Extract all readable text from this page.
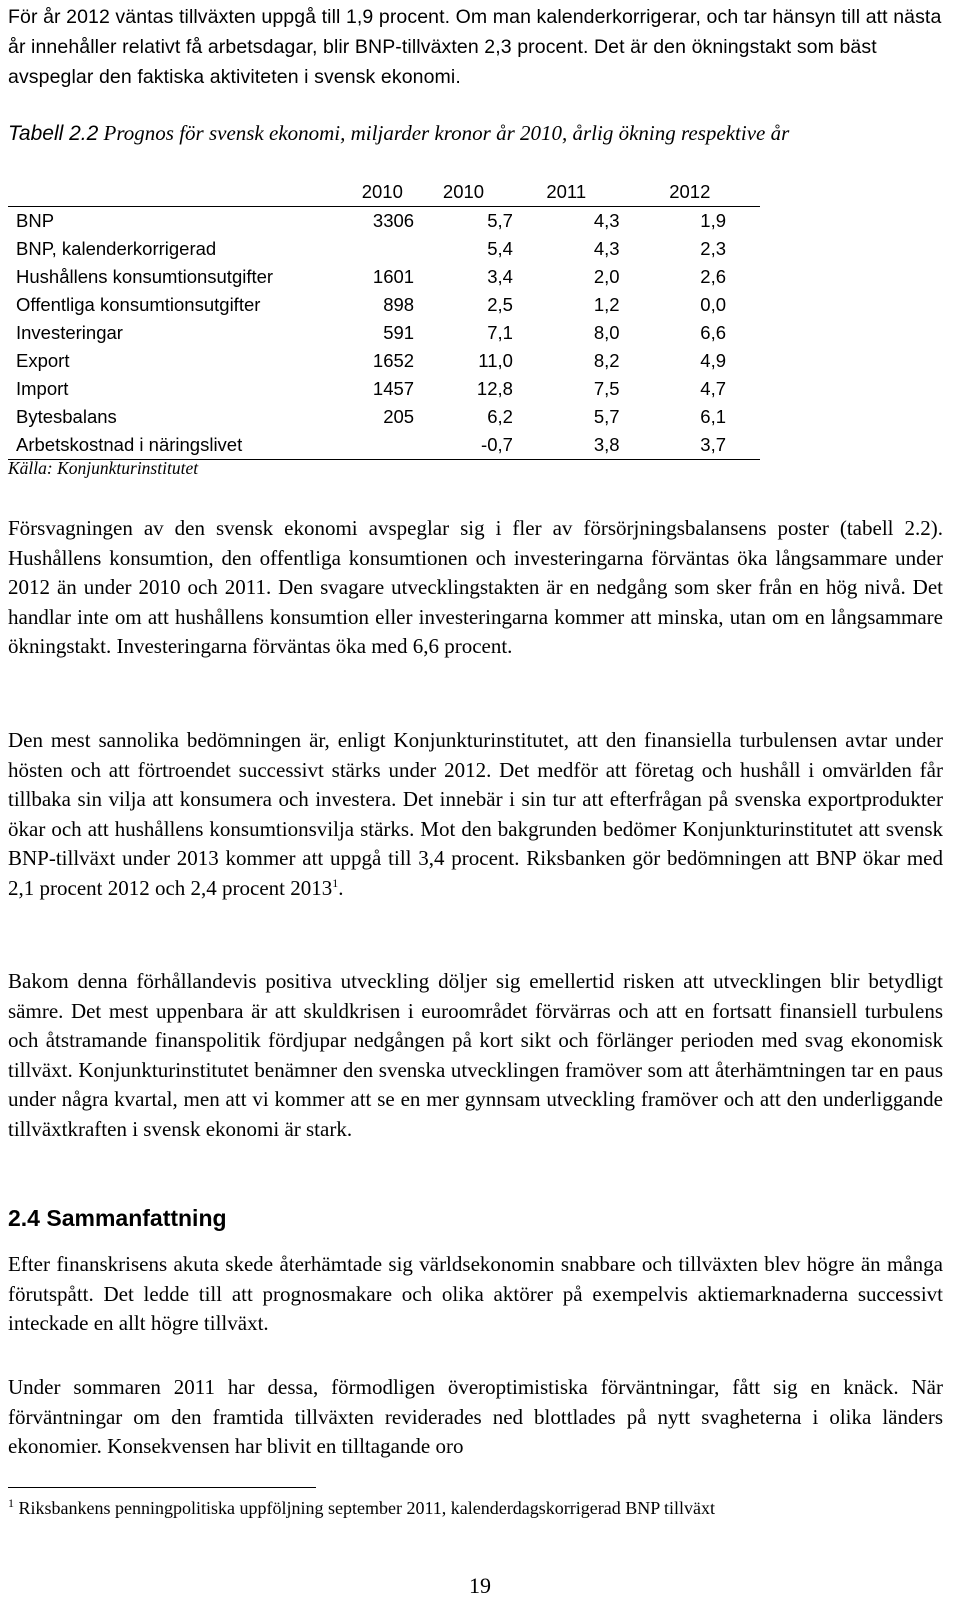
För år 2012 väntas tillväxten uppgå till 1,9 procent. Om man kalenderkorrigerar, och tar hänsyn till att nästa år innehåller relativt få arbetsdagar, blir BNP-tillväxten 2,3 procent. Det är den ökningstakt som bäst avspeglar den faktiska aktiviteten i svensk ekonomi.
Tabell 2.2 Prognos för svensk ekonomi, miljarder kronor år 2010, årlig ökning respektive år
	2010	2010	2011	2012
BNP	3306	5,7	4,3	1,9
BNP, kalenderkorrigerad		5,4	4,3	2,3
Hushållens konsumtionsutgifter	1601	3,4	2,0	2,6
Offentliga konsumtionsutgifter	898	2,5	1,2	0,0
Investeringar	591	7,1	8,0	6,6
Export	1652	11,0	8,2	4,9
Import	1457	12,8	7,5	4,7
Bytesbalans	205	6,2	5,7	6,1
Arbetskostnad i näringslivet		-0,7	3,8	3,7
Källa: Konjunkturinstitutet
Försvagningen av den svensk ekonomi avspeglar sig i fler av försörjningsbalansens poster (tabell 2.2). Hushållens konsumtion, den offentliga konsumtionen och investeringarna förväntas öka långsammare under 2012 än under 2010 och 2011. Den svagare utvecklingstakten är en nedgång som sker från en hög nivå. Det handlar inte om att hushållens konsumtion eller investeringarna kommer att minska, utan om en långsammare ökningstakt. Investeringarna förväntas öka med 6,6 procent.
Den mest sannolika bedömningen är, enligt Konjunkturinstitutet, att den finansiella turbulensen avtar under hösten och att förtroendet successivt stärks under 2012. Det medför att företag och hushåll i omvärlden får tillbaka sin vilja att konsumera och investera. Det innebär i sin tur att efterfrågan på svenska exportprodukter ökar och att hushållens konsumtionsvilja stärks. Mot den bakgrunden bedömer Konjunkturinstitutet att svensk BNP-tillväxt under 2013 kommer att uppgå till 3,4 procent. Riksbanken gör bedömningen att BNP ökar med 2,1 procent 2012 och 2,4 procent 2013$^1$.
Bakom denna förhållandevis positiva utveckling döljer sig emellertid risken att utvecklingen blir betydligt sämre. Det mest uppenbara är att skuldkrisen i euroområdet förvärras och att en fortsatt finansiell turbulens och åtstramande finanspolitik fördjupar nedgången på kort sikt och förlänger perioden med svag ekonomisk tillväxt. Konjunkturinstitutet benämner den svenska utvecklingen framöver som att återhämtningen tar en paus under några kvartal, men att vi kommer att se en mer gynnsam utveckling framöver och att den underliggande tillväxtkraften i svensk ekonomi är stark.
2.4 Sammanfattning
Efter finanskrisens akuta skede återhämtade sig världsekonomin snabbare och tillväxten blev högre än många förutspått. Det ledde till att prognosmakare och olika aktörer på exempelvis aktiemarknaderna successivt inteckade en allt högre tillväxt.
Under sommaren 2011 har dessa, förmodligen överoptimistiska förväntningar, fått sig en knäck. När förväntningar om den framtida tillväxten reviderades ned blottlades på nytt svagheterna i olika länders ekonomier. Konsekvensen har blivit en tilltagande oro
$^1$ Riksbankens penningpolitiska uppföljning september 2011, kalenderdagskorrigerad BNP tillväxt
19
